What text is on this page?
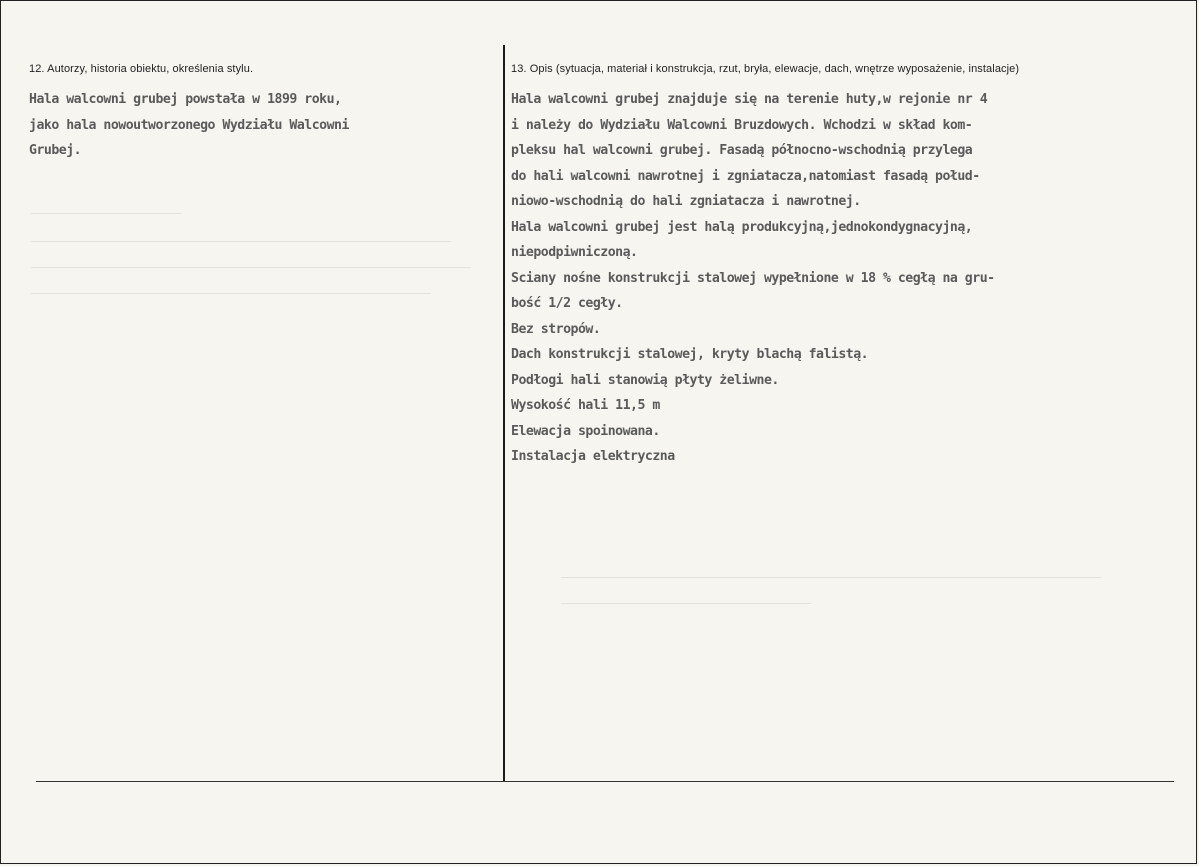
12. Autorzy, historia obiektu, określenia stylu.
Hala walcowni grubej powstała w 1899 roku,
jako hala nowoutworzonego Wydziału Walcowni
Grubej.
13. Opis (sytuacja, materiał i konstrukcja, rzut, bryła, elewacje, dach, wnętrze wyposażenie, instalacje)
Hala walcowni grubej znajduje się na terenie huty,w rejonie nr 4
i należy do Wydziału Walcowni Bruzdowych. Wchodzi w skład kom-
pleksu hal walcowni grubej. Fasadą północno-wschodnią przylega
do hali walcowni nawrotnej i zgniatacza,natomiast fasadą połud-
niowo-wschodnią do hali zgniatacza i nawrotnej.
Hala walcowni grubej jest halą produkcyjną,jednokondygnacyjną,
niepodpiwniczoną.
Sciany nośne konstrukcji stalowej wypełnione w 18 % cegłą na gru-
bość 1/2 cegły.
Bez stropów.
Dach konstrukcji stalowej, kryty blachą falistą.
Podłogi hali stanowią płyty żeliwne.
Wysokość hali 11,5 m
Elewacja spoinowana.
Instalacja elektryczna
